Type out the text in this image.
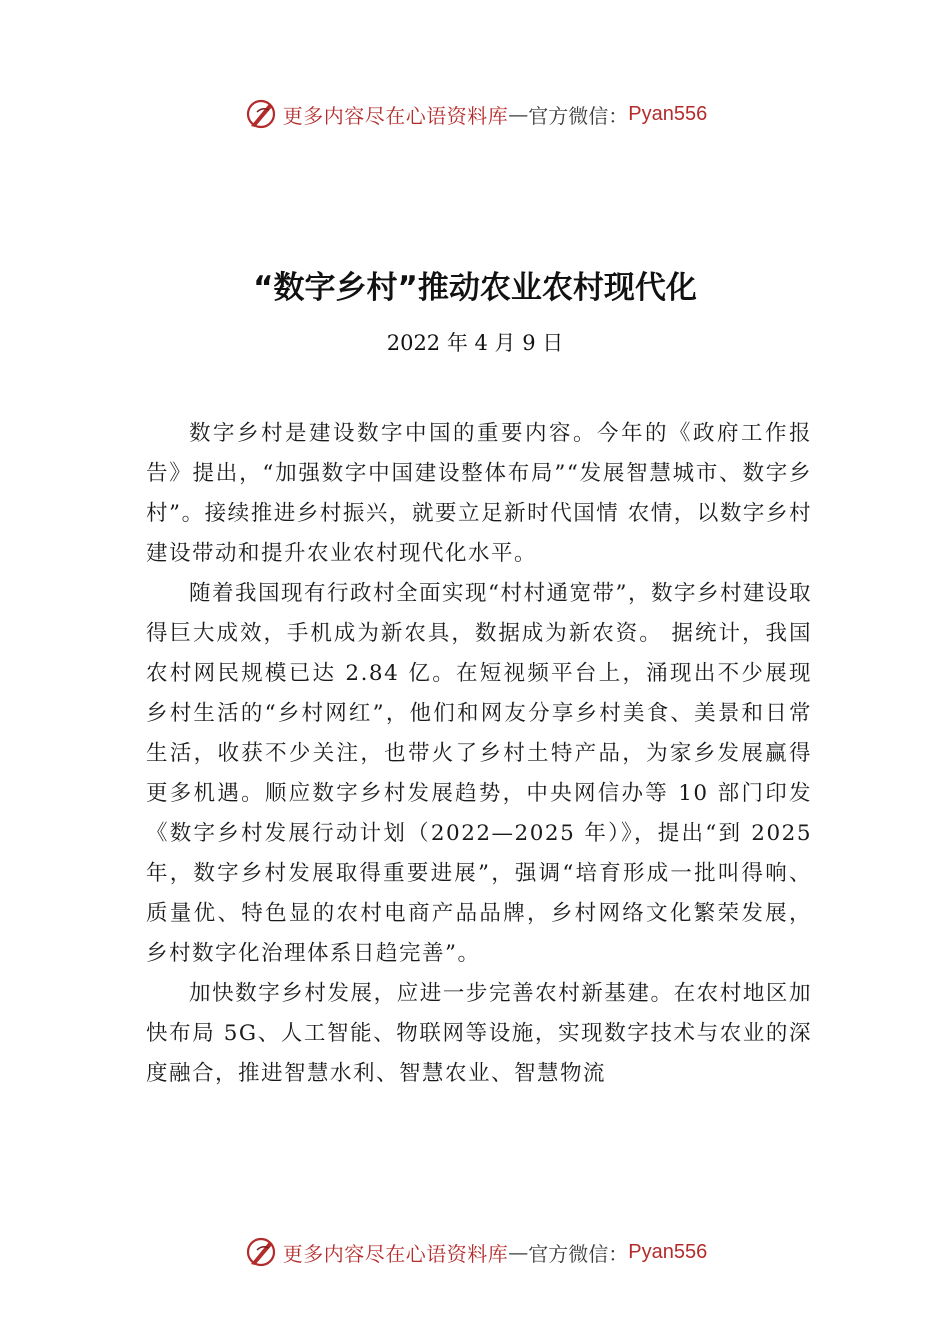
更多内容尽在心语资料库 — 官方微信： Pyan556
“数字乡村”推动农业农村现代化
2022 年 4 月 9 日

数字乡村是建设数字中国的重要内容。今年的《政府工作报告》提出，“加强数字中国建设整体布局”“发展智慧城市、数字乡村”。接续推进乡村振兴，就要立足新时代国情 农情，以数字乡村建设带动和提升农业农村现代化水平。

随着我国现有行政村全面实现“村村通宽带”，数字乡村建设取得巨大成效，手机成为新农具，数据成为新农资。 据统计，我国农村网民规模已达 2.84 亿。在短视频平台上，涌现出不少展现乡村生活的“乡村网红”，他们和网友分享乡村美食、美景和日常生活，收获不少关注，也带火了乡村土特产品，为家乡发展赢得更多机遇。顺应数字乡村发展趋势，中央网信办等 10 部门印发《数字乡村发展行动计划（2022—2025 年）》，提出“到 2025 年，数字乡村发展取得重要进展”，强调“培育形成一批叫得响、质量优、特色显的农村电商产品品牌，乡村网络文化繁荣发展，乡村数字化治理体系日趋完善”。

加快数字乡村发展，应进一步完善农村新基建。在农村地区加快布局 5G、人工智能、物联网等设施，实现数字技术与农业的深度融合，推进智慧水利、智慧农业、智慧物流

更多内容尽在心语资料库 — 官方微信： Pyan556
